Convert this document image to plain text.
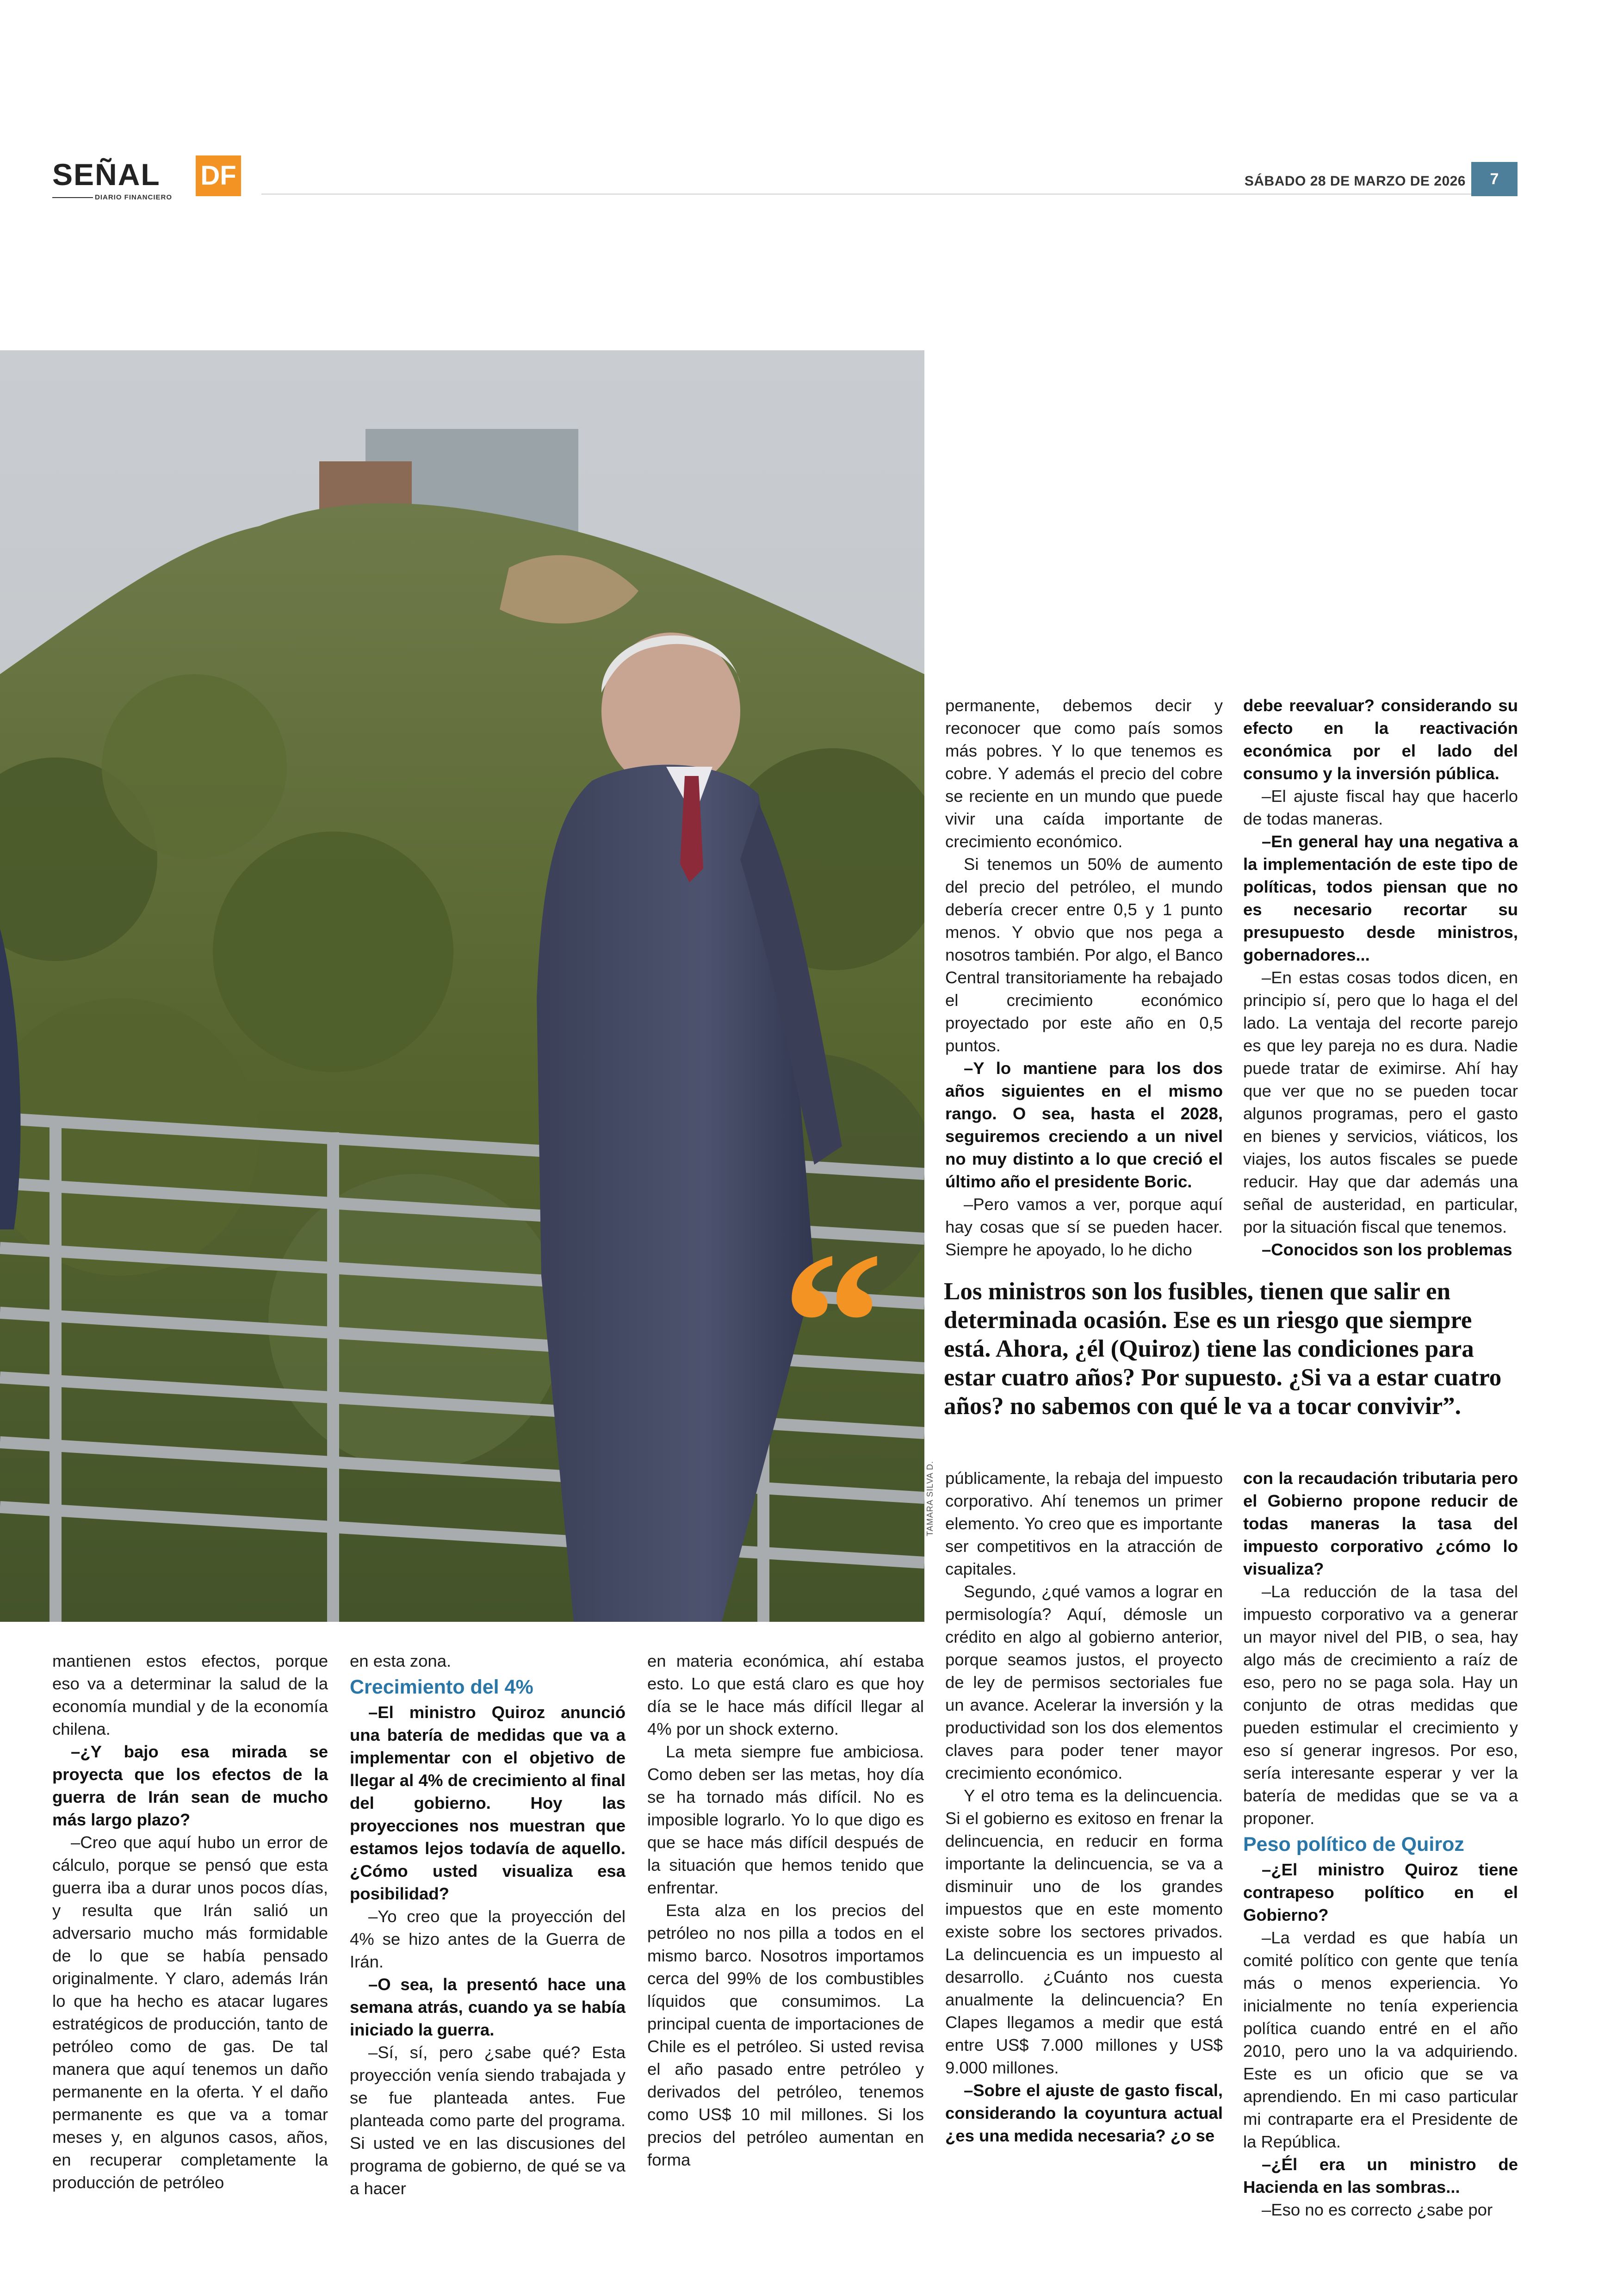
SEÑAL
DIARIO FINANCIERO
DF	SÁBADO 28 DE MARZO DE 2026	7
TAMARA SILVA D.

permanente, debemos decir y reconocer que como país somos más pobres. Y lo que tenemos es cobre. Y además el precio del cobre se reciente en un mundo que puede vivir una caída importante de crecimiento económico.

Si tenemos un 50% de aumento del precio del petróleo, el mundo debería crecer entre 0,5 y 1 punto menos. Y obvio que nos pega a nosotros también. Por algo, el Banco Central transitoriamente ha rebajado el crecimiento económico proyectado por este año en 0,5 puntos.

–Y lo mantiene para los dos años siguientes en el mismo rango. O sea, hasta el 2028, seguiremos creciendo a un nivel no muy distinto a lo que creció el último año el presidente Boric.

–Pero vamos a ver, porque aquí hay cosas que sí se pueden hacer. Siempre he apoyado, lo he dicho

debe reevaluar? considerando su efecto en la reactivación económica por el lado del consumo y la inversión pública.

–El ajuste fiscal hay que hacerlo de todas maneras.

–En general hay una negativa a la implementación de este tipo de políticas, todos piensan que no es necesario recortar su presupuesto desde ministros, gobernadores...

–En estas cosas todos dicen, en principio sí, pero que lo haga el del lado. La ventaja del recorte parejo es que ley pareja no es dura. Nadie puede tratar de eximirse. Ahí hay que ver que no se pueden tocar algunos programas, pero el gasto en bienes y servicios, viáticos, los viajes, los autos fiscales se puede reducir. Hay que dar además una señal de austeridad, en particular, por la situación fiscal que tenemos.

–Conocidos son los problemas

“ Los ministros son los fusibles, tienen que salir en determinada ocasión. Ese es un riesgo que siempre está. Ahora, ¿él (Quiroz) tiene las condiciones para estar cuatro años? Por supuesto. ¿Si va a estar cuatro años? no sabemos con qué le va a tocar convivir”.

públicamente, la rebaja del impuesto corporativo. Ahí tenemos un primer elemento. Yo creo que es importante ser competitivos en la atracción de capitales.

Segundo, ¿qué vamos a lograr en permisología? Aquí, démosle un crédito en algo al gobierno anterior, porque seamos justos, el proyecto de ley de permisos sectoriales fue un avance. Acelerar la inversión y la productividad son los dos elementos claves para poder tener mayor crecimiento económico.

Y el otro tema es la delincuencia. Si el gobierno es exitoso en frenar la delincuencia, en reducir en forma importante la delincuencia, se va a disminuir uno de los grandes impuestos que en este momento existe sobre los sectores privados. La delincuencia es un impuesto al desarrollo. ¿Cuánto nos cuesta anualmente la delincuencia? En Clapes llegamos a medir que está entre US$ 7.000 millones y US$ 9.000 millones.

–Sobre el ajuste de gasto fiscal, considerando la coyuntura actual ¿es una medida necesaria? ¿o se

con la recaudación tributaria pero el Gobierno propone reducir de todas maneras la tasa del impuesto corporativo ¿cómo lo visualiza?

–La reducción de la tasa del impuesto corporativo va a generar un mayor nivel del PIB, o sea, hay algo más de crecimiento a raíz de eso, pero no se paga sola. Hay un conjunto de otras medidas que pueden estimular el crecimiento y eso sí generar ingresos. Por eso, sería interesante esperar y ver la batería de medidas que se va a proponer.

Peso político de Quiroz

–¿El ministro Quiroz tiene contrapeso político en el Gobierno?

–La verdad es que había un comité político con gente que tenía más o menos experiencia. Yo inicialmente no tenía experiencia política cuando entré en el año 2010, pero uno la va adquiriendo. Este es un oficio que se va aprendiendo. En mi caso particular mi contraparte era el Presidente de la República.

–¿Él era un ministro de Hacienda en las sombras...

–Eso no es correcto ¿sabe por

mantienen estos efectos, porque eso va a determinar la salud de la economía mundial y de la economía chilena.

–¿Y bajo esa mirada se proyecta que los efectos de la guerra de Irán sean de mucho más largo plazo?

–Creo que aquí hubo un error de cálculo, porque se pensó que esta guerra iba a durar unos pocos días, y resulta que Irán salió un adversario mucho más formidable de lo que se había pensado originalmente. Y claro, además Irán lo que ha hecho es atacar lugares estratégicos de producción, tanto de petróleo como de gas. De tal manera que aquí tenemos un daño permanente en la oferta. Y el daño permanente es que va a tomar meses y, en algunos casos, años, en recuperar completamente la producción de petróleo

en esta zona.

Crecimiento del 4%

–El ministro Quiroz anunció una batería de medidas que va a implementar con el objetivo de llegar al 4% de crecimiento al final del gobierno. Hoy las proyecciones nos muestran que estamos lejos todavía de aquello. ¿Cómo usted visualiza esa posibilidad?

–Yo creo que la proyección del 4% se hizo antes de la Guerra de Irán.

–O sea, la presentó hace una semana atrás, cuando ya se había iniciado la guerra.

–Sí, sí, pero ¿sabe qué? Esta proyección venía siendo trabajada y se fue planteada antes. Fue planteada como parte del programa. Si usted ve en las discusiones del programa de gobierno, de qué se va a hacer

en materia económica, ahí estaba esto. Lo que está claro es que hoy día se le hace más difícil llegar al 4% por un shock externo.

La meta siempre fue ambiciosa. Como deben ser las metas, hoy día se ha tornado más difícil. No es imposible lograrlo. Yo lo que digo es que se hace más difícil después de la situación que hemos tenido que enfrentar.

Esta alza en los precios del petróleo no nos pilla a todos en el mismo barco. Nosotros importamos cerca del 99% de los combustibles líquidos que consumimos. La principal cuenta de importaciones de Chile es el petróleo. Si usted revisa el año pasado entre petróleo y derivados del petróleo, tenemos como US$ 10 mil millones. Si los precios del petróleo aumentan en forma
